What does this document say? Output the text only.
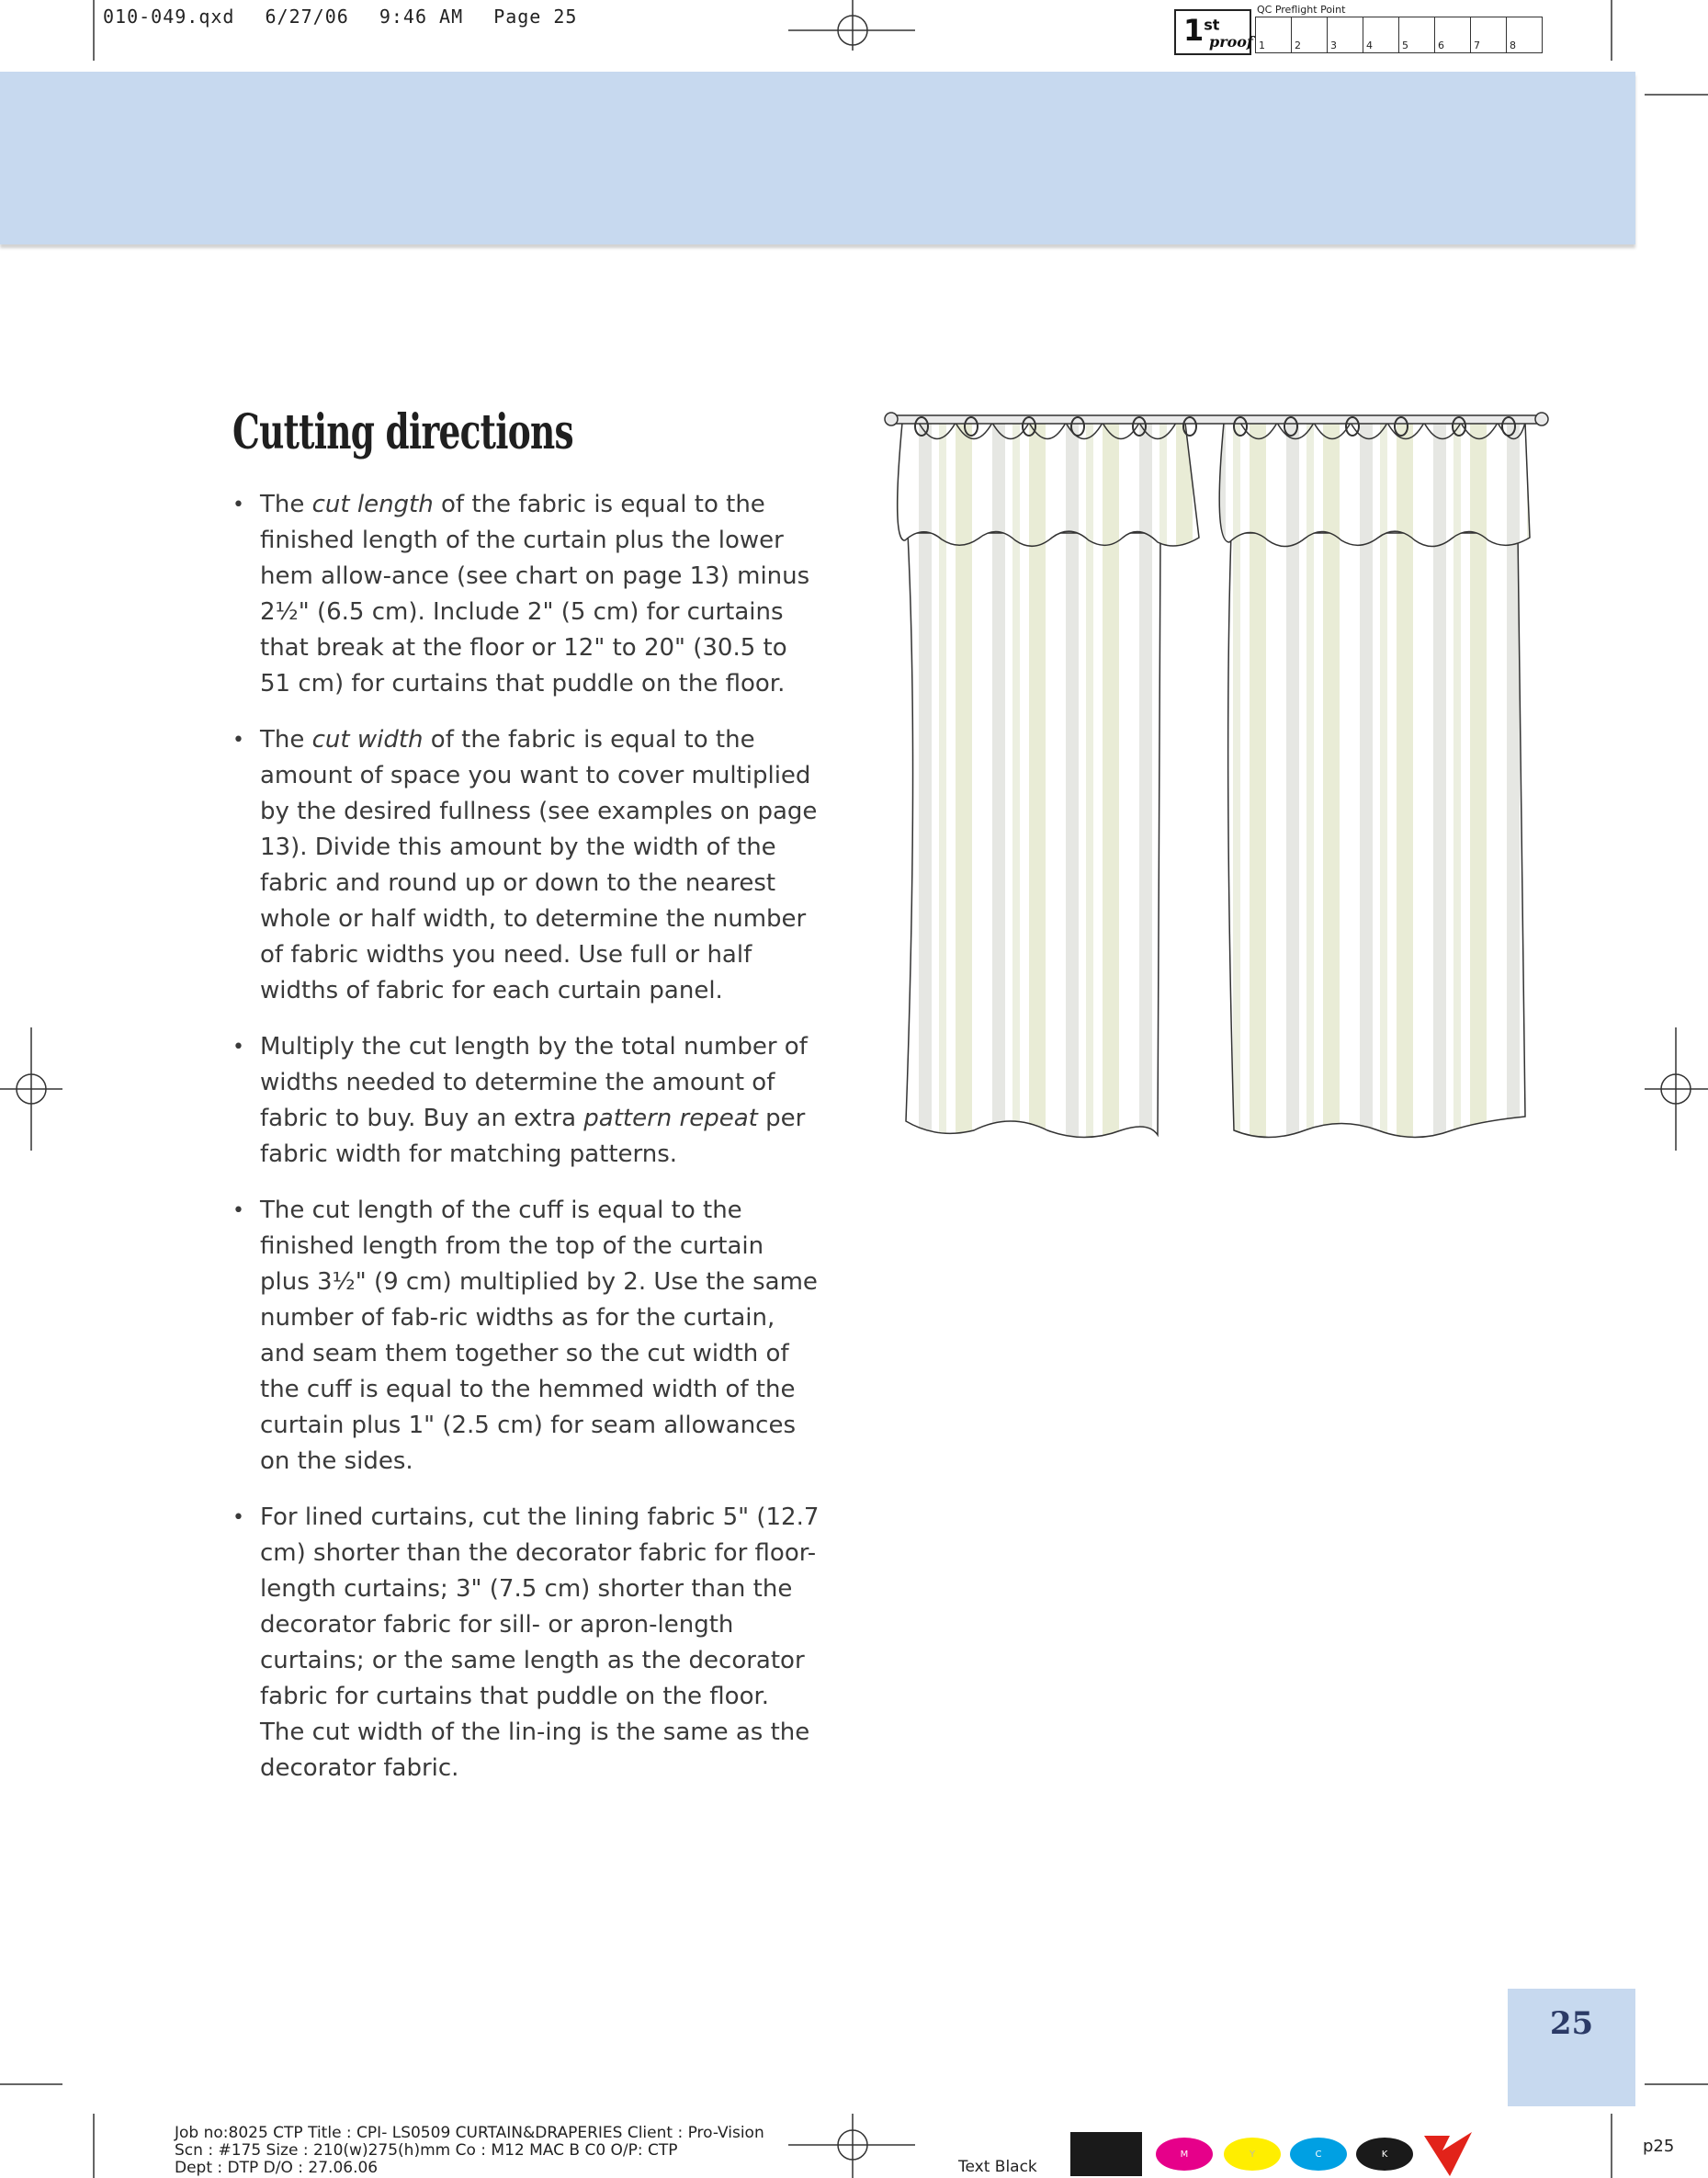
010-049.qxd 6/27/06 9:46 AM Page 25	1st
proof
QC Preflight Point
1	2	3	4	5	6	7	8
Cutting directions
• The cut length of the fabric is equal to the finished length of the curtain plus the lower hem allow-ance (see chart on page 13) minus 2½" (6.5 cm). Include 2" (5 cm) for curtains that break at the floor or 12" to 20" (30.5 to 51 cm) for curtains that puddle on the floor.
• The cut width of the fabric is equal to the amount of space you want to cover multiplied by the desired fullness (see examples on page 13). Divide this amount by the width of the fabric and round up or down to the nearest whole or half width, to determine the number of fabric widths you need. Use full or half widths of fabric for each curtain panel.
• Multiply the cut length by the total number of widths needed to determine the amount of fabric to buy. Buy an extra pattern repeat per fabric width for matching patterns.
• The cut length of the cuff is equal to the finished length from the top of the curtain plus 3½" (9 cm) multiplied by 2. Use the same number of fab-ric widths as for the curtain, and seam them together so the cut width of the cuff is equal to the hemmed width of the curtain plus 1" (2.5 cm) for seam allowances on the sides.
• For lined curtains, cut the lining fabric 5" (12.7 cm) shorter than the decorator fabric for floor-length curtains; 3" (7.5 cm) shorter than the decorator fabric for sill- or apron-length curtains; or the same length as the decorator fabric for curtains that puddle on the floor. The cut width of the lin-ing is the same as the decorator fabric.
25
Job no:8025 CTP Title : CPI- LS0509 CURTAIN&DRAPERIES Client : Pro-Vision
Scn : #175 Size : 210(w)275(h)mm Co : M12 MAC B C0 O/P: CTP
Dept : DTP D/O : 27.06.06	Text Black
M	Y	C	K	p25
